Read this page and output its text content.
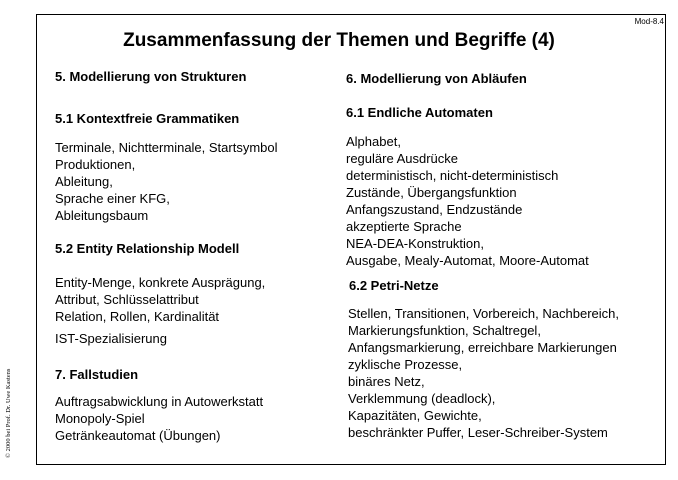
Mod-8.4
Zusammenfassung der Themen und Begriffe (4)
5. Modellierung von Strukturen
5.1 Kontextfreie Grammatiken
Terminale, Nichtterminale, Startsymbol
Produktionen,
Ableitung,
Sprache einer KFG,
Ableitungsbaum
5.2 Entity Relationship Modell
Entity-Menge, konkrete Ausprägung,
Attribut, Schlüsselattribut
Relation, Rollen, Kardinalität
IST-Spezialisierung
7. Fallstudien
Auftragsabwicklung in Autowerkstatt
Monopoly-Spiel
Getränkeautomat (Übungen)
6. Modellierung von Abläufen
6.1 Endliche Automaten
Alphabet,
reguläre Ausdrücke
deterministisch, nicht-deterministisch
Zustände, Übergangsfunktion
Anfangszustand, Endzustände
akzeptierte Sprache
NEA-DEA-Konstruktion,
Ausgabe, Mealy-Automat, Moore-Automat
6.2 Petri-Netze
Stellen, Transitionen, Vorbereich, Nachbereich,
Markierungsfunktion, Schaltregel,
Anfangsmarkierung, erreichbare Markierungen
zyklische Prozesse,
binäres Netz,
Verklemmung (deadlock),
Kapazitäten, Gewichte,
beschränkter Puffer, Leser-Schreiber-System
© 2000 bei Prof. Dr. Uwe Kastens
